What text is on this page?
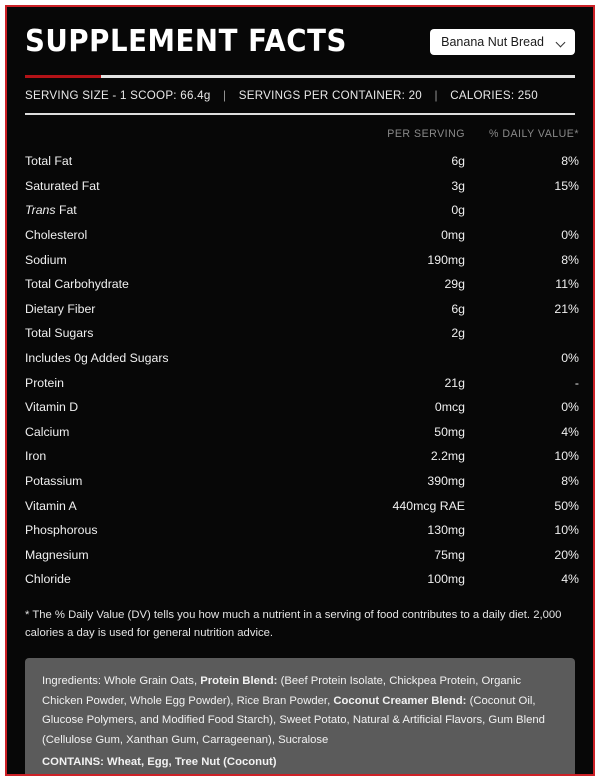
SUPPLEMENT FACTS	Banana Nut Bread
SERVING SIZE - 1 SCOOP: 66.4g | SERVINGS PER CONTAINER: 20 | CALORIES: 250
	PER SERVING	% DAILY VALUE*
Total Fat	6g	8%
Saturated Fat	3g	15%
Trans Fat	0g	
Cholesterol	0mg	0%
Sodium	190mg	8%
Total Carbohydrate	29g	11%
Dietary Fiber	6g	21%
Total Sugars	2g	
Includes 0g Added Sugars		0%
Protein	21g	-
Vitamin D	0mcg	0%
Calcium	50mg	4%
Iron	2.2mg	10%
Potassium	390mg	8%
Vitamin A	440mcg RAE	50%
Phosphorous	130mg	10%
Magnesium	75mg	20%
Chloride	100mg	4%
* The % Daily Value (DV) tells you how much a nutrient in a serving of food contributes to a daily diet. 2,000 calories a day is used for general nutrition advice.
Ingredients: Whole Grain Oats, Protein Blend: (Beef Protein Isolate, Chickpea Protein, Organic Chicken Powder, Whole Egg Powder), Rice Bran Powder, Coconut Creamer Blend: (Coconut Oil, Glucose Polymers, and Modified Food Starch), Sweet Potato, Natural & Artificial Flavors, Gum Blend (Cellulose Gum, Xanthan Gum, Carrageenan), Sucralose
CONTAINS: Wheat, Egg, Tree Nut (Coconut)
